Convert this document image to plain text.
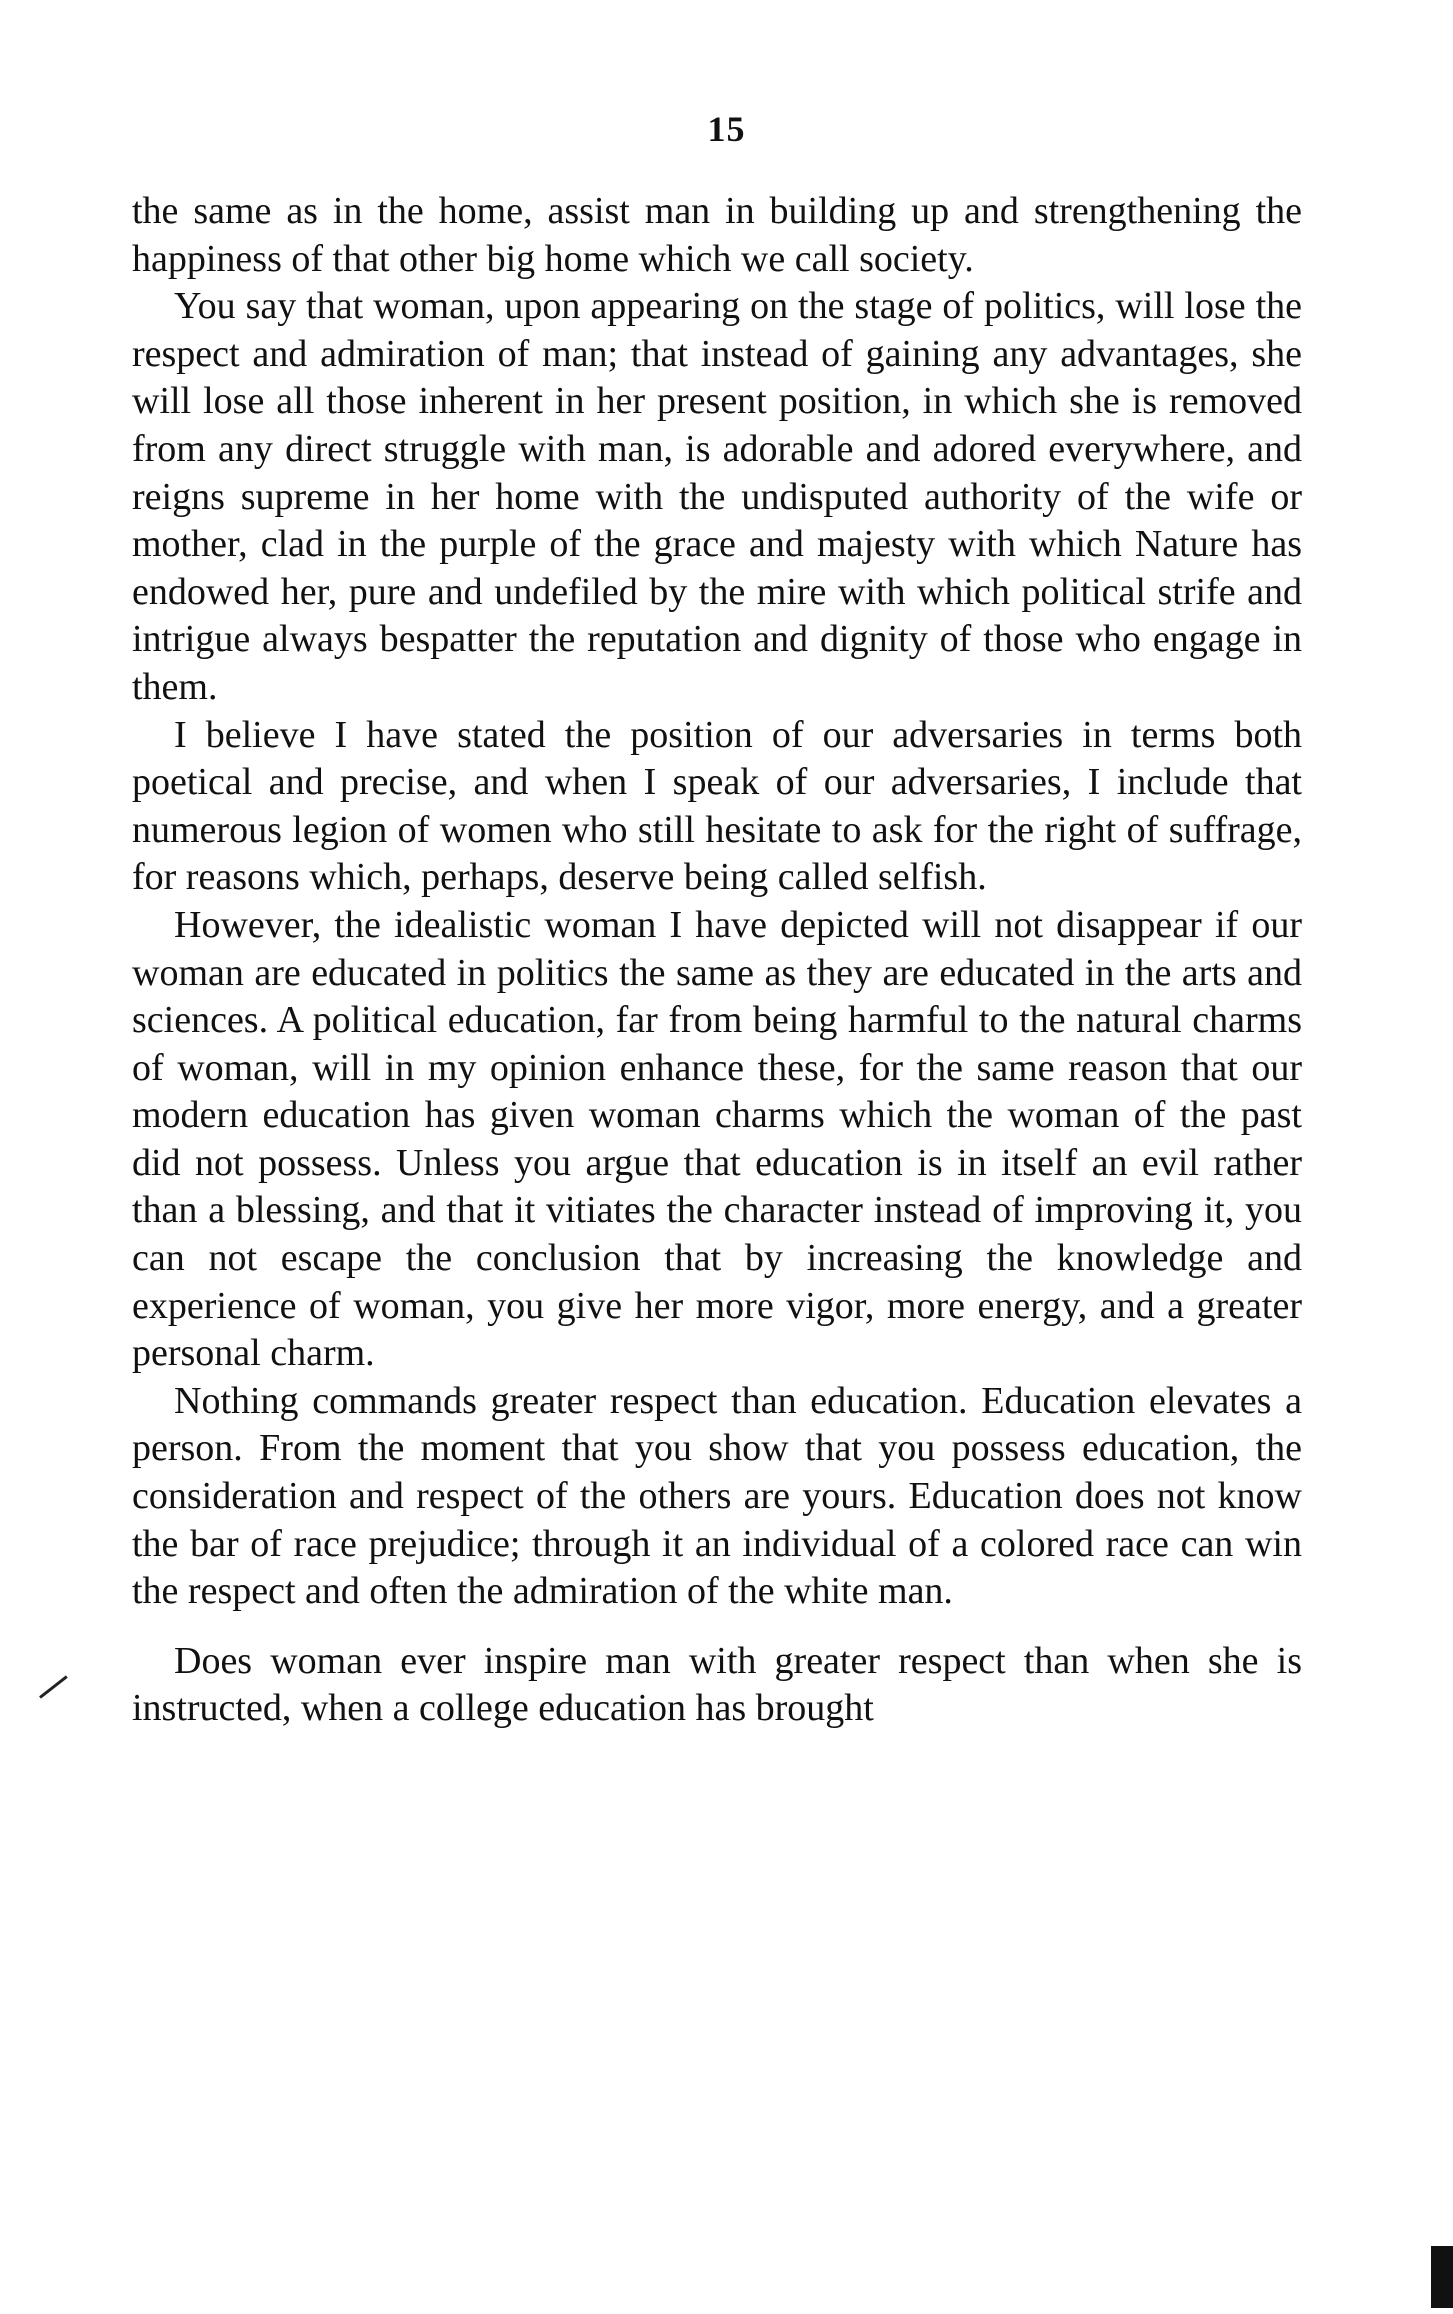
15

the same as in the home, assist man in building up and strengthening the happiness of that other big home which we call society.

You say that woman, upon appearing on the stage of politics, will lose the respect and admiration of man; that instead of gaining any advantages, she will lose all those inherent in her present position, in which she is removed from any direct struggle with man, is adorable and adored everywhere, and reigns supreme in her home with the undisputed authority of the wife or mother, clad in the purple of the grace and majesty with which Nature has endowed her, pure and undefiled by the mire with which political strife and intrigue always bespatter the reputation and dignity of those who engage in them.

I believe I have stated the position of our adversaries in terms both poetical and precise, and when I speak of our adversaries, I include that numerous legion of women who still hesitate to ask for the right of suffrage, for reasons which, perhaps, deserve being called selfish.

However, the idealistic woman I have depicted will not disappear if our woman are educated in politics the same as they are educated in the arts and sciences. A political education, far from being harmful to the natural charms of woman, will in my opinion enhance these, for the same reason that our modern education has given woman charms which the woman of the past did not possess. Unless you argue that education is in itself an evil rather than a blessing, and that it vitiates the character instead of improving it, you can not escape the conclusion that by increasing the knowledge and experience of woman, you give her more vigor, more energy, and a greater personal charm.

Nothing commands greater respect than education. Education elevates a person. From the moment that you show that you possess education, the consideration and respect of the others are yours. Education does not know the bar of race prejudice; through it an individual of a colored race can win the respect and often the admiration of the white man.

Does woman ever inspire man with greater respect than when she is instructed, when a college education has brought
